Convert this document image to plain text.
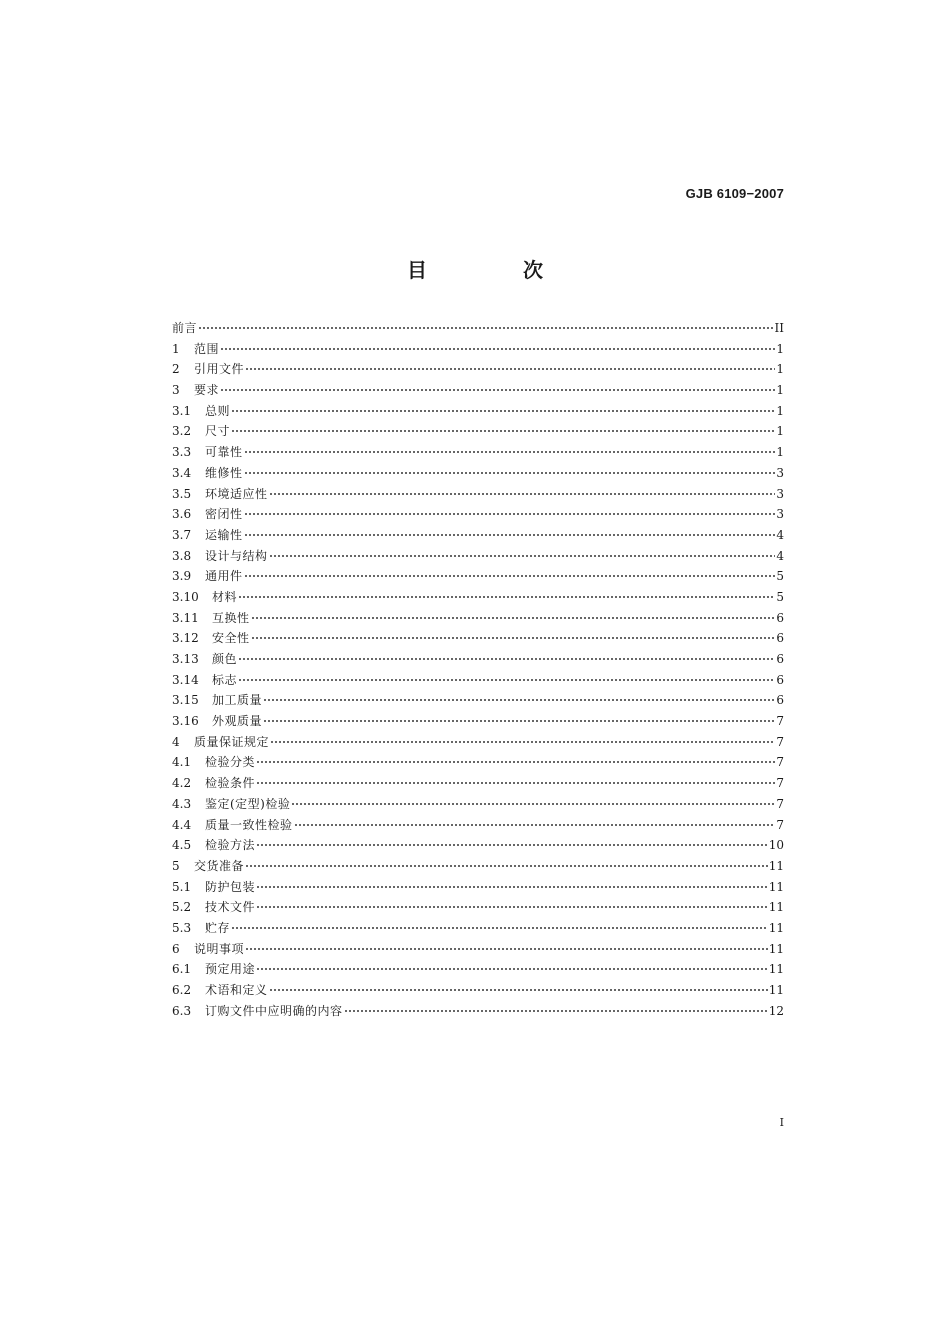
GJB 6109−2007
目　次
前言	II
1	范围	1
2	引用文件	1
3	要求	1
3.1	总则	1
3.2	尺寸	1
3.3	可靠性	1
3.4	维修性	3
3.5	环境适应性	3
3.6	密闭性	3
3.7	运输性	4
3.8	设计与结构	4
3.9	通用件	5
3.10	材料	5
3.11	互换性	6
3.12	安全性	6
3.13	颜色	6
3.14	标志	6
3.15	加工质量	6
3.16	外观质量	7
4	质量保证规定	7
4.1	检验分类	7
4.2	检验条件	7
4.3	鉴定(定型)检验	7
4.4	质量一致性检验	7
4.5	检验方法	10
5	交货准备	11
5.1	防护包装	11
5.2	技术文件	11
5.3	贮存	11
6	说明事项	11
6.1	预定用途	11
6.2	术语和定义	11
6.3	订购文件中应明确的内容	12
I
